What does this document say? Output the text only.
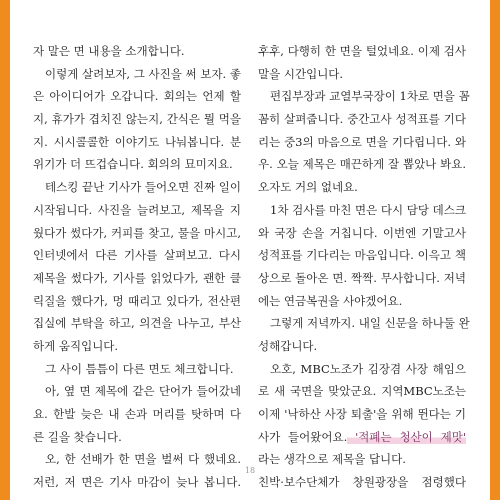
자 말은 면 내용을 소개합니다.
이렇게 살려보자, 그 사진을 써 보자. 좋
은 아이디어가 오갑니다. 회의는 언제 할
지, 휴가가 겹치진 않는지, 간식은 뭘 먹을
지. 시시콜콜한 이야기도 나눠봅니다. 분
위기가 더 뜨겁습니다. 회의의 묘미지요.
테스킹 끝난 기사가 들어오면 진짜 일이
시작됩니다. 사진을 늘려보고, 제목을 지
웠다가 썼다가, 커피를 찾고, 물을 마시고,
인터넷에서 다른 기사를 살펴보고. 다시
제목을 썼다가, 기사를 읽었다가, 괜한 클
릭질을 했다가, 멍 때리고 있다가, 전산편
집실에 부탁을 하고, 의견을 나누고, 부산
하게 움직입니다.
그 사이 틈틈이 다른 면도 체크합니다.
아, 옆 면 제목에 같은 단어가 들어갔네
요. 한발 늦은 내 손과 머리를 탓하며 다
른 길을 찾습니다.
오, 한 선배가 한 면을 벌써 다 했네요.
저런, 저 면은 기사 마감이 늦나 봅니다.
후후, 다행히 한 면을 털었네요. 이제 검사
말을 시간입니다.
편집부장과 교열부국장이 1차로 면을 꼼
꼼히 살펴줍니다. 중간고사 성적표를 기다
리는 중3의 마음으로 면을 기다립니다. 와
우. 오늘 제목은 매끈하게 잘 뽑았나 봐요.
오자도 거의 없네요.
1차 검사를 마친 면은 다시 담당 데스크
와 국장 손을 거칩니다. 이번엔 기말고사
성적표를 기다리는 마음입니다. 이윽고 책
상으로 돌아온 면. 짝짝. 무사합니다. 저녁
에는 연금복권을 사야겠어요.
그렇게 저녁까지. 내일 신문을 하나둘 완
성해갑니다.
오호, MBC노조가 김장겸 사장 해임으
로 새 국면을 맞았군요. 지역MBC노조는
이제 '낙하산 사장 퇴출'을 위해 뛴다는 기
사가 들어왔어요. '적폐는 청산이 제맛'
라는 생각으로 제목을 답니다.
친박·보수단체가 창원광장을 점령했다
18
